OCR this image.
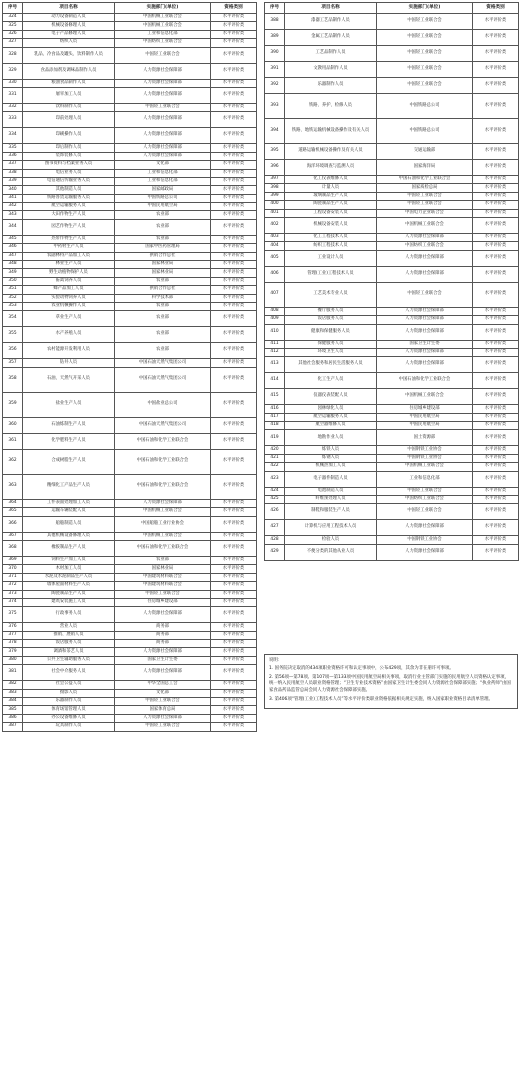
序号	项目名称	实施部门(单位)	资格类别
324	动力设备制造人员	中国机械工业联合会	水平评价类
325	机械设备修理人员	中国机械工业联合会	水平评价类
326	电子产品修理人员	工业和信息化部	水平评价类
327	纺织人员	中国纺织工业联合会	水平评价类
328	乳品、冷食品及罐头、饮料制作人员	中国轻工业联合会	水平评价类
329	食品添加剂及调味品制作人员	人力资源社会保障部	水平评价类
330	粮油食品制作人员	人力资源社会保障部	水平评价类
331	屠宰加工人员	人力资源社会保障部	水平评价类
332	饮料制作人员	中国轻工业联合会	水平评价类
333	印前处理人员	人力资源社会保障部	水平评价类
334	印刷操作人员	人力资源社会保障部	水平评价类
335	印后制作人员	人力资源社会保障部	水平评价类
336	装饰装修人员	人力资源社会保障部	水平评价类
337	图书资料与档案业务人员	文化部	水平评价类
338	电信业务人员	工业和信息化部	水平评价类
339	电信通信传输业务人员	工业和信息化部	水平评价类
340	其他制造人员	国家邮政局	水平评价类
341	铁路客货运输服务人员	中国铁路总公司	水平评价类
342	航空运输服务人员	中国民用航空局	水平评价类
343	大田作物生产人员	农业部	水平评价类
344	园艺作物生产人员	农业部	水平评价类
345	热带作物生产人员	农业部	水平评价类
346	中药材生产人员	国家中医药管理局	水平评价类
347	农副林特产品加工人员	供销合作总社	水平评价类
348	林业生产人员	国家林业局	水平评价类
349	野生动植物保护人员	国家林业局	水平评价类
350	畜禽饲养人员	农业部	水平评价类
351	蜂产品加工人员	供销合作总社	水平评价类
352	实验动物饲养人员	科学技术部	水平评价类
353	农业机械操作人员	农业部	水平评价类
354	草业生产人员	农业部	水平评价类
355	水产养殖人员	农业部	水平评价类
356	农村能源开发利用人员	农业部	水平评价类
357	钻井人员	中国石油天然气集团公司	水平评价类
358	石油、天然气开采人员	中国石油天然气集团公司	水平评价类
359	盐业生产人员	中国盐业总公司	水平评价类
360	石油炼制生产人员	中国石油天然气集团公司	水平评价类
361	化学肥料生产人员	中国石油和化学工业联合会	水平评价类
362	合成树脂生产人员	中国石油和化学工业联合会	水平评价类
363	精细化工产品生产人员	中国石油和化学工业联合会	水平评价类
364	工件表面处理加工人员	人力资源社会保障部	水平评价类
365	运输车辆装配人员	中国机械工业联合会	水平评价类
366	船舶制造人员	中国船舶工业行业协会	水平评价类
367	其他机械设备修理人员	中国机械工业联合会	水平评价类
368	橡胶制品生产人员	中国石油和化学工业联合会	水平评价类
369	饲料生产加工人员	农业部	水平评价类
370	木材加工人员	国家林业局	水平评价类
371	水泥及水泥制品生产人员	中国建筑材料联合会	水平评价类
372	墙体屋面材料生产人员	中国建筑材料联合会	水平评价类
373	陶瓷制品生产人员	中国轻工业联合会	水平评价类
374	建筑安装施工人员	住房城乡建设部	水平评价类
375	行政事务人员	人力资源社会保障部	水平评价类
376	营业人员	商务部	水平评价类
377	推销、展销人员	商务部	水平评价类
378	饭店服务人员	商务部	水平评价类
379	调酒和茶艺人员	人力资源社会保障部	水平评价类
380	公共卫生辅助服务人员	国家卫生计生委	水平评价类
381	社会中介服务人员	人力资源社会保障部	水平评价类
382	社会公益人员	中华全国总工会	水平评价类
383	摄影人员	文化部	水平评价类
384	乐器制作人员	中国轻工业联合会	水平评价类
385	体育场馆管理人员	国家体育总局	水平评价类
386	办公设备维修人员	人力资源社会保障部	水平评价类
387	玩具制作人员	中国轻工业联合会	水平评价类
序号	项目名称	实施部门(单位)	资格类别
388	漆器工艺品制作人员	中国轻工业联合会	水平评价类
389	金属工艺品制作人员	中国轻工业联合会	水平评价类
390	工艺品制作人员	中国轻工业联合会	水平评价类
391	文教用品制作人员	中国轻工业联合会	水平评价类
392	乐器制作人员	中国轻工业联合会	水平评价类
393	铁路、养护、检修人员	中国铁路总公司	水平评价类
394	铁路、地铁运输机械设备操作及有关人员	中国铁路总公司	水平评价类
395	道路运输机械设备操作及有关人员	交通运输部	水平评价类
396	海洋环境调查与监测人员	国家海洋局	水平评价类
397	化工仪表维修人员	中国石油和化学工业联合会	水平评价类
398	计量人员	国家质检总局	水平评价类
399	玻璃制品生产人员	中国轻工业联合会	水平评价类
400	陶瓷制品生产人员	中国轻工业联合会	水平评价类
401	工程设备安装人员	中国电力企业联合会	水平评价类
402	机械设备安装人员	中国机械工业联合会	水平评价类
403	化工工程技术人员	人力资源社会保障部	水平评价类
404	纺织工程技术人员	中国纺织工业联合会	水平评价类
405	工业设计人员	人力资源社会保障部	水平评价类
406	管理(工业)工程技术人员	人力资源社会保障部	水平评价类
407	工艺美术专业人员	中国轻工业联合会	水平评价类
408	餐厅服务人员	人力资源社会保障部	水平评价类
409	饭店服务人员	人力资源社会保障部	水平评价类
410	健康和保健服务人员	人力资源社会保障部	水平评价类
411	保健服务人员	国家卫生计生委	水平评价类
412	环境卫生人员	人力资源社会保障部	水平评价类
413	其他社会服务和居民生活服务人员	人力资源社会保障部	水平评价类
414	化工生产人员	中国石油和化学工业联合会	水平评价类
415	仪器仪表装配人员	中国机械工业联合会	水平评价类
416	园林绿化人员	住房城乡建设部	水平评价类
417	航空运输服务人员	中国民用航空局	水平评价类
418	航空器维修人员	中国民用航空局	水平评价类
419	地勘作业人员	国土资源部	水平评价类
420	炼铁人员	中国钢铁工业协会	水平评价类
421	炼钢人员	中国钢铁工业协会	水平评价类
422	机械热加工人员	中国机械工业联合会	水平评价类
423	电子器件制造人员	工业和信息化部	水平评价类
424	电池制造人员	中国轻工业联合会	水平评价类
425	纤维预处理人员	中国纺织工业联合会	水平评价类
426	制鞋和服装生产人员	中国轻工业联合会	水平评价类
427	计算机与应用工程技术人员	人力资源社会保障部	水平评价类
428	检验人员	中国钢铁工业协会	水平评价类
429	不便分类的其他从业人员	人力资源社会保障部	水平评价类

说明：

1. 国务院决定取消的434项职业资格许可和认定事项中，公布429项，其余为非在册许可事项。

2. 第56项—第78项、第107项—第133项中国民用航空局相关事项，取消行业主管部门实施的民用航空人员资格认定事项，统一纳入民用航空人员职业资格管理；“卫生专业技术资格”由国家卫生计生委会同人力资源社会保障部实施；“执业药师”由国家食品药品监管总局会同人力资源社会保障部实施。

3. 第406项“管理(工业)工程技术人员”等水平评价类职业资格依据相关规定实施，纳入国家职业资格目录清单管理。
